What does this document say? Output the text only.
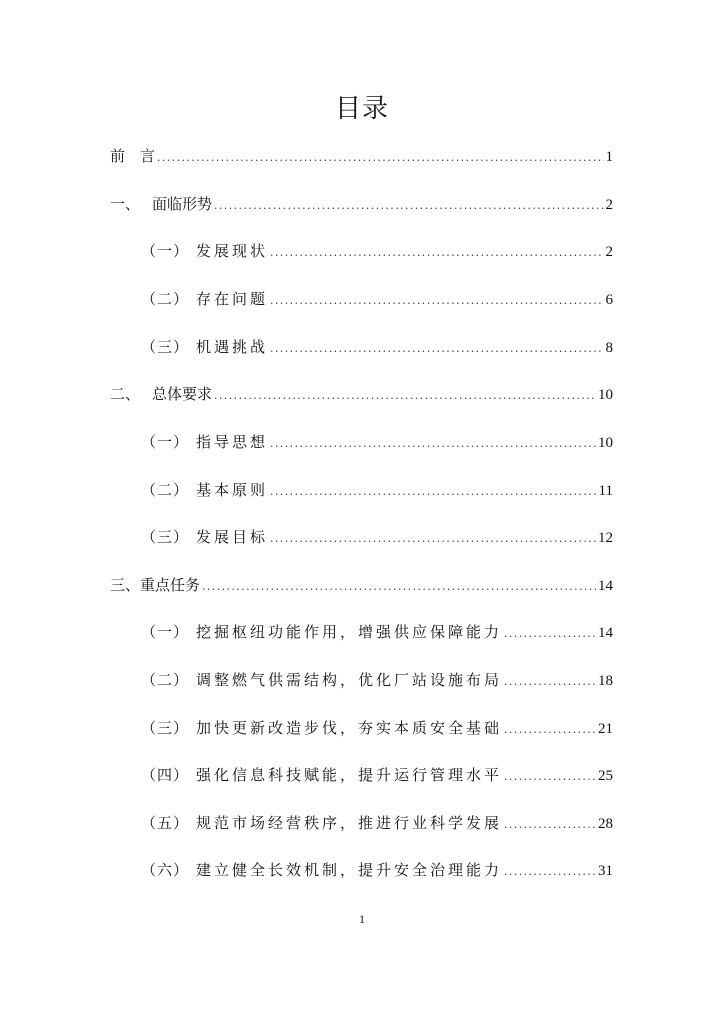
目录
前　言 .....	1
一、 面临形势 .....	2
（一） 发展现状 .....	2
（二） 存在问题 .....	6
（三） 机遇挑战 .....	8
二、 总体要求 .....	10
（一） 指导思想 .....	10
（二） 基本原则 .....	11
（三） 发展目标 .....	12
三、 重点任务 .....	14
（一） 挖掘枢纽功能作用，增强供应保障能力 .....	14
（二） 调整燃气供需结构，优化厂站设施布局 .....	18
（三） 加快更新改造步伐，夯实本质安全基础 .....	21
（四） 强化信息科技赋能，提升运行管理水平 .....	25
（五） 规范市场经营秩序，推进行业科学发展 .....	28
（六） 建立健全长效机制，提升安全治理能力 .....	31
1
